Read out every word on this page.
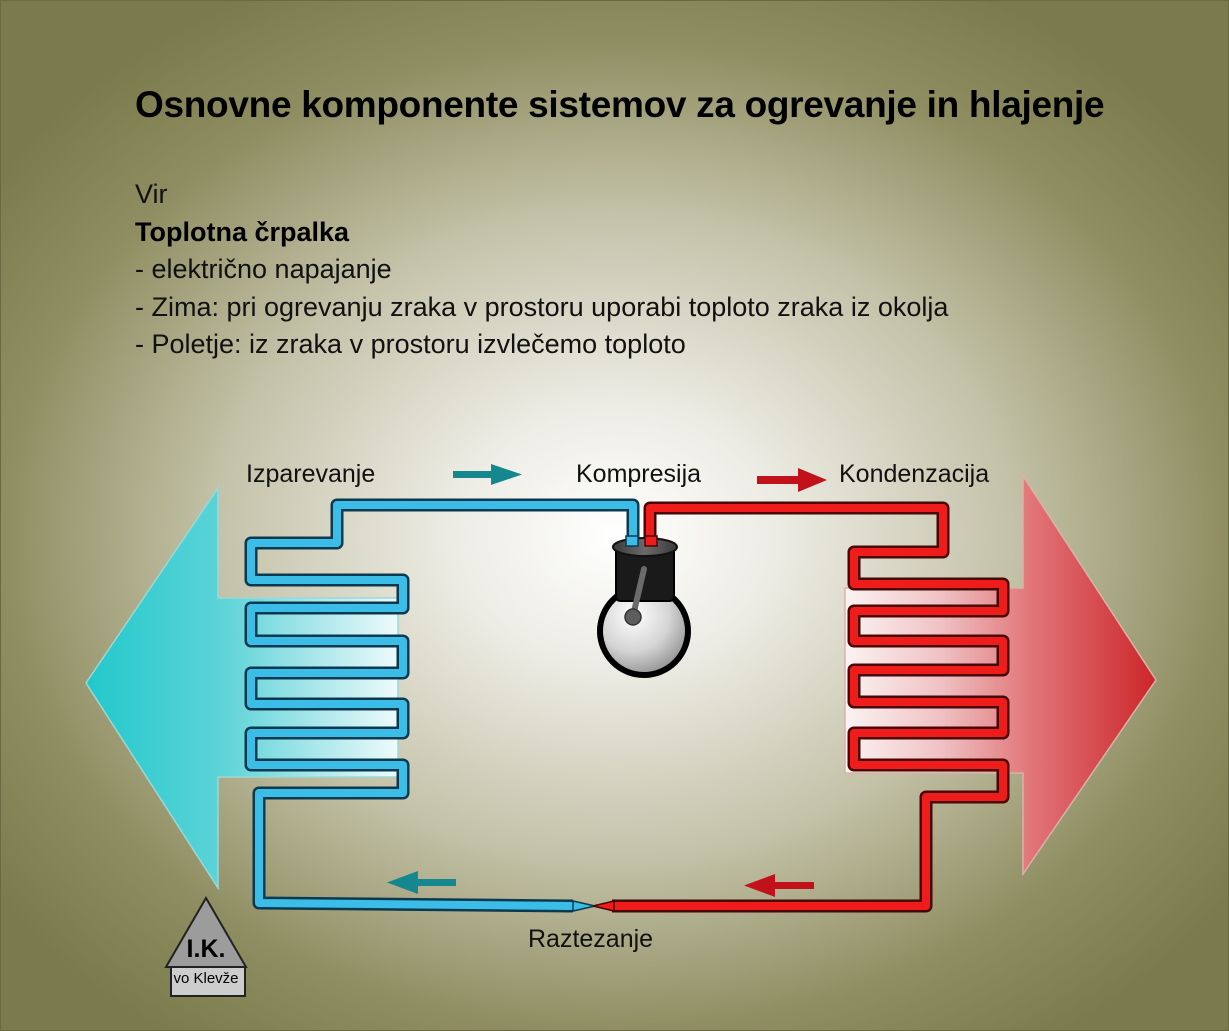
Osnovne komponente sistemov za ogrevanje in hlajenje
Vir
Toplotna črpalka
- električno napajanje
- Zima: pri ogrevanju zraka v prostoru uporabi toploto zraka iz okolja
- Poletje: iz zraka v prostoru izvlečemo toploto
Izparevanje	Kompresija	Kondenzacija
Raztezanje
I.K.
vo Klevže
